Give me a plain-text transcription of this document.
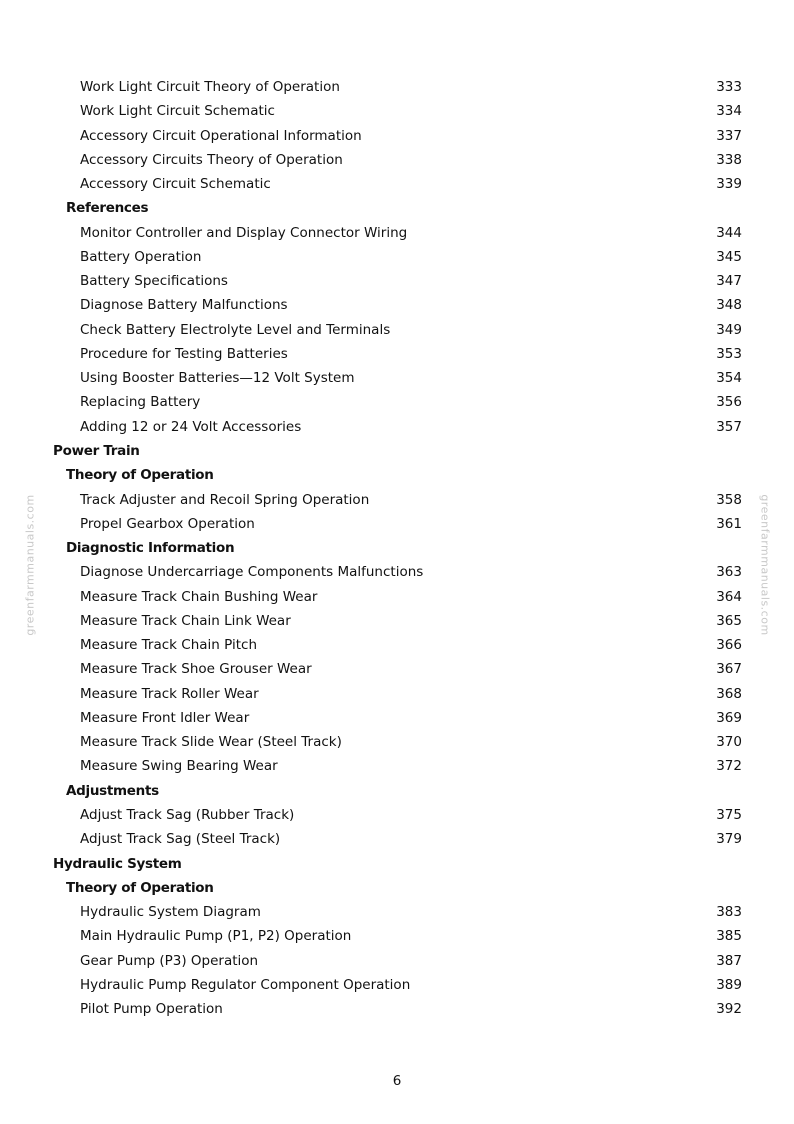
Work Light Circuit Theory of Operation	333
Work Light Circuit Schematic	334
Accessory Circuit Operational Information	337
Accessory Circuits Theory of Operation	338
Accessory Circuit Schematic	339
References
Monitor Controller and Display Connector Wiring	344
Battery Operation	345
Battery Specifications	347
Diagnose Battery Malfunctions	348
Check Battery Electrolyte Level and Terminals	349
Procedure for Testing Batteries	353
Using Booster Batteries—12 Volt System	354
Replacing Battery	356
Adding 12 or 24 Volt Accessories	357
Power Train
Theory of Operation
Track Adjuster and Recoil Spring Operation	358
Propel Gearbox Operation	361
Diagnostic Information
Diagnose Undercarriage Components Malfunctions	363
Measure Track Chain Bushing Wear	364
Measure Track Chain Link Wear	365
Measure Track Chain Pitch	366
Measure Track Shoe Grouser Wear	367
Measure Track Roller Wear	368
Measure Front Idler Wear	369
Measure Track Slide Wear (Steel Track)	370
Measure Swing Bearing Wear	372
Adjustments
Adjust Track Sag (Rubber Track)	375
Adjust Track Sag (Steel Track)	379
Hydraulic System
Theory of Operation
Hydraulic System Diagram	383
Main Hydraulic Pump (P1, P2) Operation	385
Gear Pump (P3) Operation	387
Hydraulic Pump Regulator Component Operation	389
Pilot Pump Operation	392
greenfarmmanuals.com	greenfarmmanuals.com
6
